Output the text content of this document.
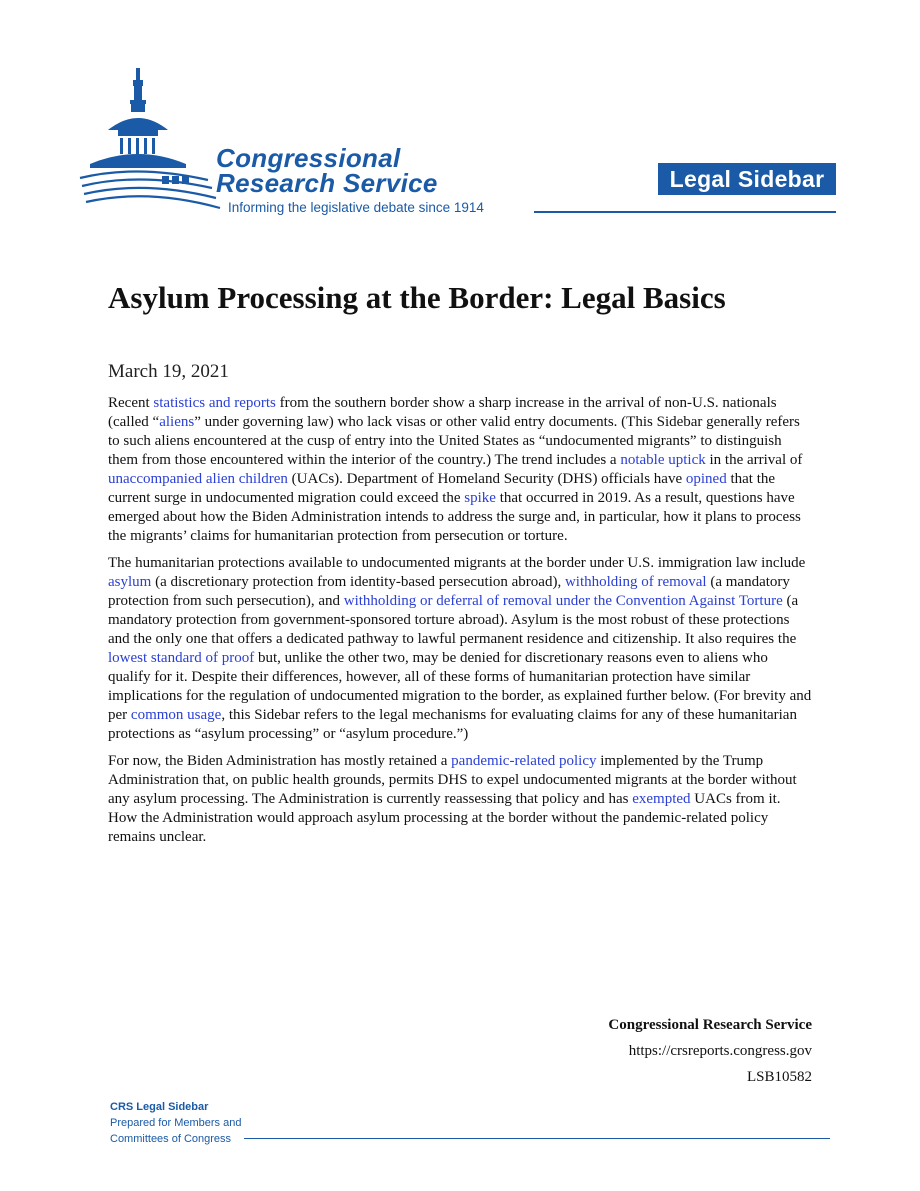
Congressional
Research Service
Informing the legislative debate since 1914
Legal Sidebar
Asylum Processing at the Border: Legal Basics
March 19, 2021

Recent statistics and reports from the southern border show a sharp increase in the arrival of non-U.S. nationals (called “aliens” under governing law) who lack visas or other valid entry documents. (This Sidebar generally refers to such aliens encountered at the cusp of entry into the United States as “undocumented migrants” to distinguish them from those encountered within the interior of the country.) The trend includes a notable uptick in the arrival of unaccompanied alien children (UACs). Department of Homeland Security (DHS) officials have opined that the current surge in undocumented migration could exceed the spike that occurred in 2019. As a result, questions have emerged about how the Biden Administration intends to address the surge and, in particular, how it plans to process the migrants’ claims for humanitarian protection from persecution or torture.

The humanitarian protections available to undocumented migrants at the border under U.S. immigration law include asylum (a discretionary protection from identity-based persecution abroad), withholding of removal (a mandatory protection from such persecution), and withholding or deferral of removal under the Convention Against Torture (a mandatory protection from government-sponsored torture abroad). Asylum is the most robust of these protections and the only one that offers a dedicated pathway to lawful permanent residence and citizenship. It also requires the lowest standard of proof but, unlike the other two, may be denied for discretionary reasons even to aliens who qualify for it. Despite their differences, however, all of these forms of humanitarian protection have similar implications for the regulation of undocumented migration to the border, as explained further below. (For brevity and per common usage, this Sidebar refers to the legal mechanisms for evaluating claims for any of these humanitarian protections as “asylum processing” or “asylum procedure.”)

For now, the Biden Administration has mostly retained a pandemic-related policy implemented by the Trump Administration that, on public health grounds, permits DHS to expel undocumented migrants at the border without any asylum processing. The Administration is currently reassessing that policy and has exempted UACs from it. How the Administration would approach asylum processing at the border without the pandemic-related policy remains unclear.

Congressional Research Service
https://crsreports.congress.gov
LSB10582
CRS Legal Sidebar
Prepared for Members and
Committees of Congress
